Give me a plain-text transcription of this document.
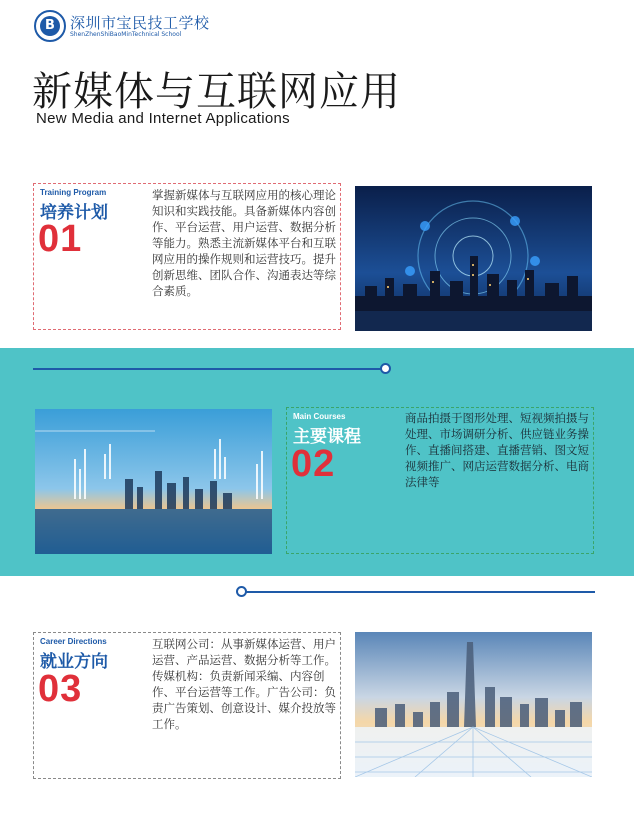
B	深圳市宝民技工学校
ShenZhenShiBaoMinTechnical School
新媒体与互联网应用
New Media and Internet Applications
Training Program
培养计划
01
掌握新媒体与互联网应用的核心理论知识和实践技能。具备新媒体内容创作、平台运营、用户运营、数据分析等能力。熟悉主流新媒体平台和互联网应用的操作规则和运营技巧。提升创新思维、团队合作、沟通表达等综合素质。
Main Courses
主要课程
02
商品拍摄于图形处理、短视频拍摄与处理、市场调研分析、供应链业务操作、直播间搭建、直播营销、图文短视频推广、网店运营数据分析、电商法律等
Career Directions
就业方向
03
互联网公司：从事新媒体运营、用户运营、产品运营、数据分析等工作。传媒机构：负责新闻采编、内容创作、平台运营等工作。广告公司：负责广告策划、创意设计、媒介投放等工作。
